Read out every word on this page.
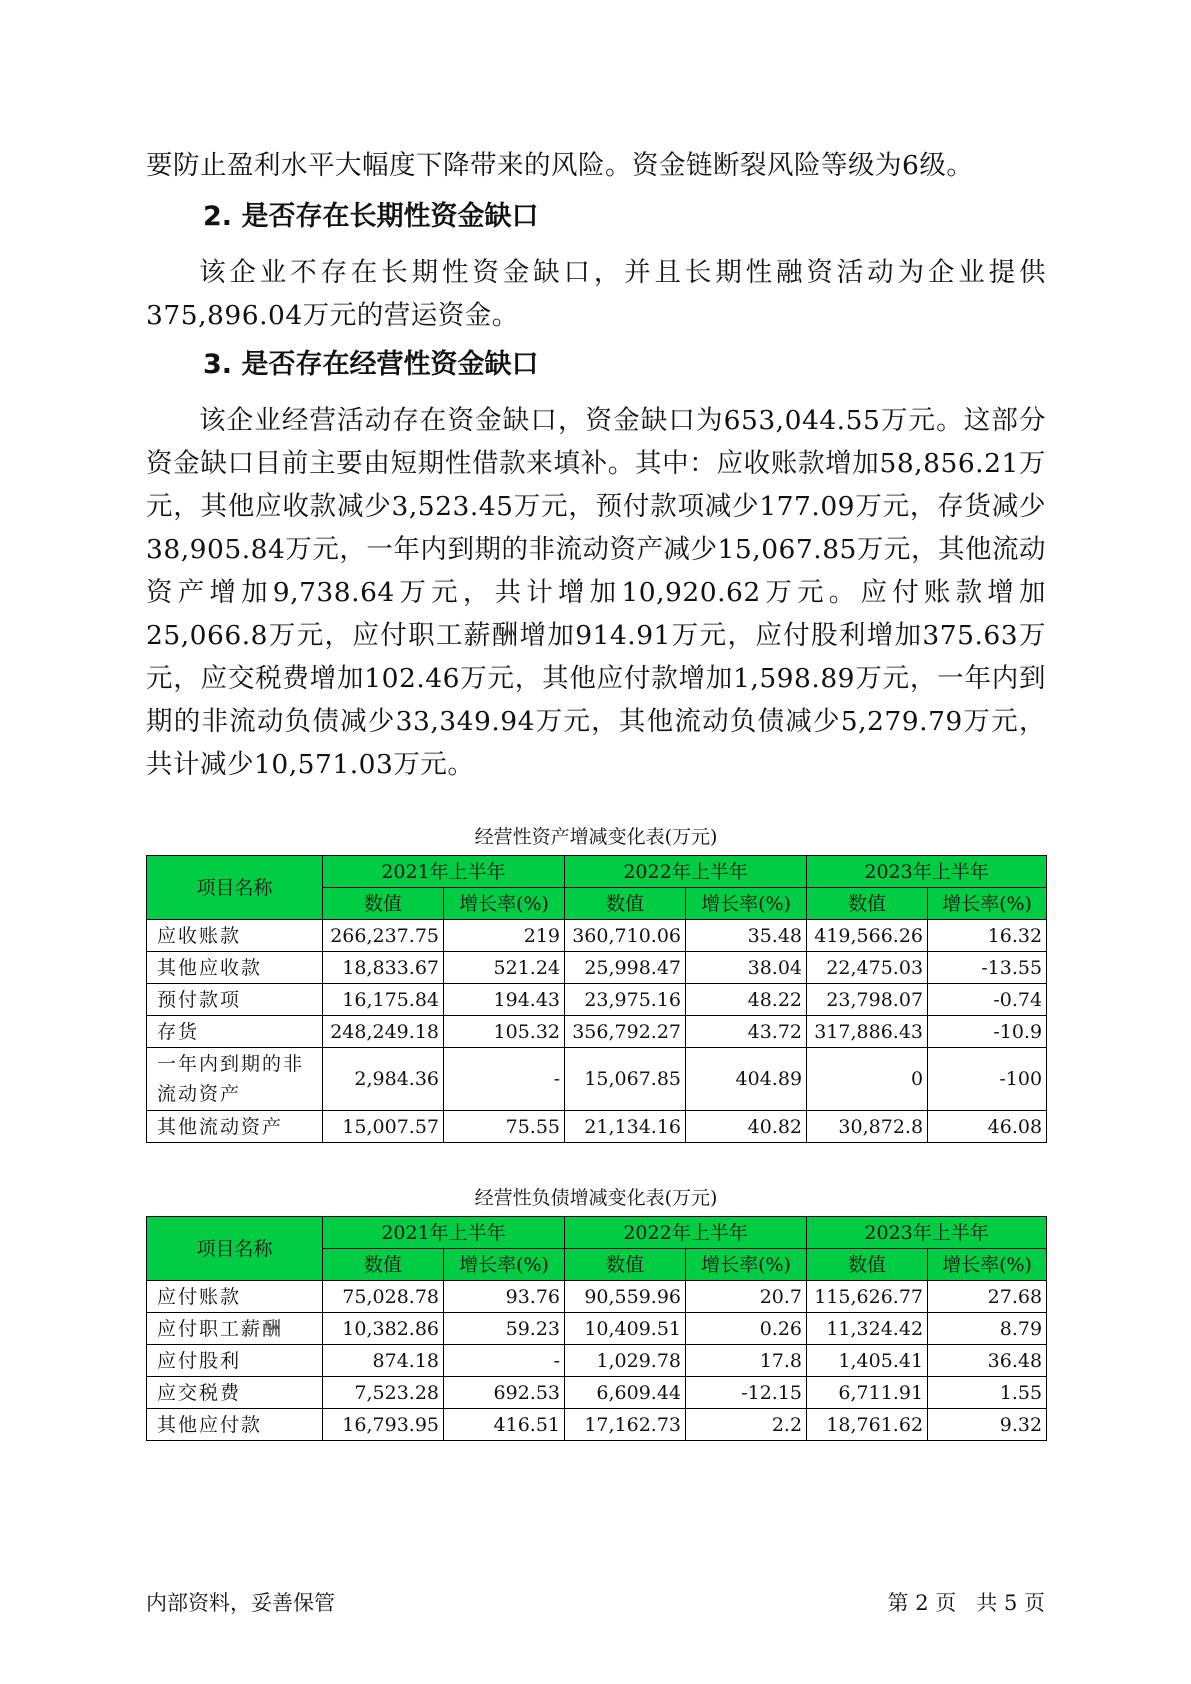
要防止盈利水平大幅度下降带来的风险。资金链断裂风险等级为6级。

2. 是否存在长期性资金缺口

该企业不存在长期性资金缺口，并且长期性融资活动为企业提供375,896.04万元的营运资金。

3. 是否存在经营性资金缺口

该企业经营活动存在资金缺口，资金缺口为653,044.55万元。这部分资金缺口目前主要由短期性借款来填补。其中：应收账款增加58,856.21万元，其他应收款减少3,523.45万元，预付款项减少177.09万元，存货减少38,905.84万元，一年内到期的非流动资产减少15,067.85万元，其他流动资产增加9,738.64万元，共计增加10,920.62万元。应付账款增加25,066.8万元，应付职工薪酬增加914.91万元，应付股利增加375.63万元，应交税费增加102.46万元，其他应付款增加1,598.89万元，一年内到期的非流动负债减少33,349.94万元，其他流动负债减少5,279.79万元，共计减少10,571.03万元。

经营性资产增减变化表(万元)

项目名称	2021年上半年		2022年上半年		2023年上半年	
	数值	增长率(%)	数值	增长率(%)	数值	增长率(%)
应收账款	266,237.75	219	360,710.06	35.48	419,566.26	16.32
其他应收款	18,833.67	521.24	25,998.47	38.04	22,475.03	-13.55
预付款项	16,175.84	194.43	23,975.16	48.22	23,798.07	-0.74
存货	248,249.18	105.32	356,792.27	43.72	317,886.43	-10.9
一年内到期的非流动资产	2,984.36	-	15,067.85	404.89	0	-100
其他流动资产	15,007.57	75.55	21,134.16	40.82	30,872.8	46.08

经营性负债增减变化表(万元)

项目名称	2021年上半年		2022年上半年		2023年上半年	
	数值	增长率(%)	数值	增长率(%)	数值	增长率(%)
应付账款	75,028.78	93.76	90,559.96	20.7	115,626.77	27.68
应付职工薪酬	10,382.86	59.23	10,409.51	0.26	11,324.42	8.79
应付股利	874.18	-	1,029.78	17.8	1,405.41	36.48
应交税费	7,523.28	692.53	6,609.44	-12.15	6,711.91	1.55
其他应付款	16,793.95	416.51	17,162.73	2.2	18,761.62	9.32

内部资料，妥善保管	第 2 页   共 5 页
